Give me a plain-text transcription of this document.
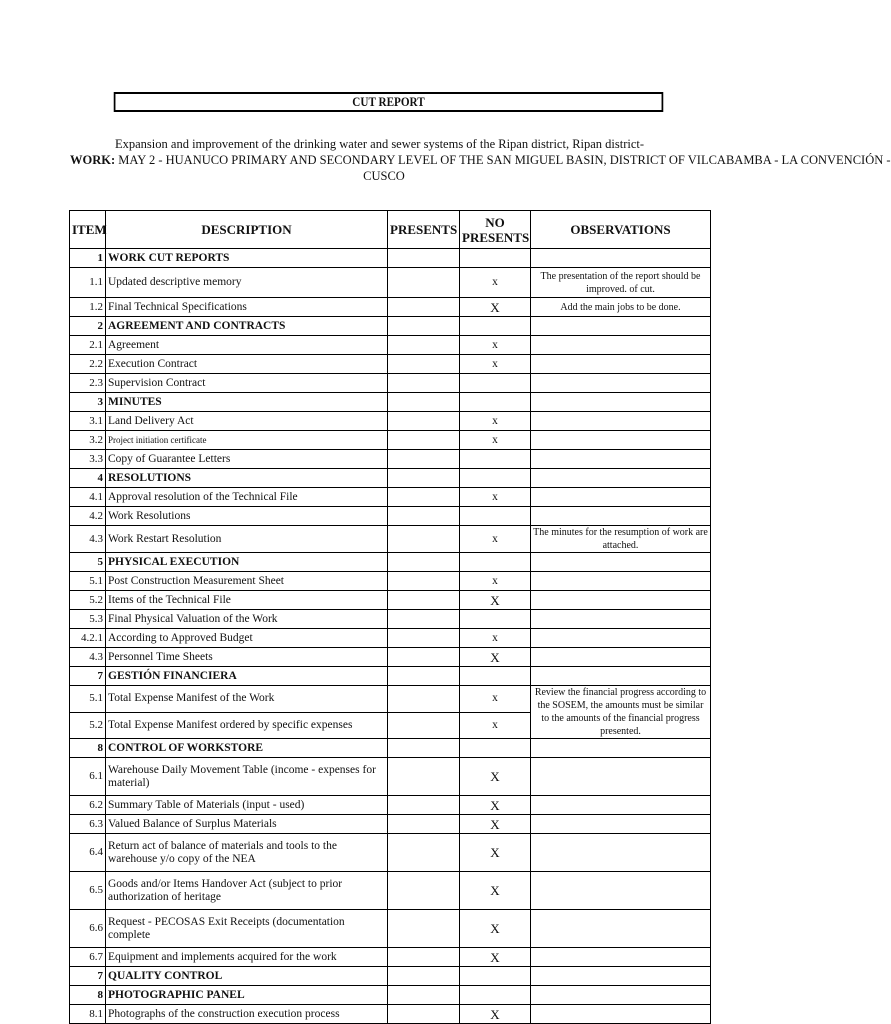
CUT REPORT
Expansion and improvement of the drinking water and sewer systems of the Ripan district, Ripan district-
WORK: MAY 2 - HUANUCO PRIMARY AND SECONDARY LEVEL OF THE SAN MIGUEL BASIN, DISTRICT OF VILCABAMBA - LA CONVENCIÓN -
CUSCO
ITEM	DESCRIPTION	PRESENTS	NO PRESENTS	OBSERVATIONS
1	WORK CUT REPORTS			
1.1	Updated descriptive memory		x	The presentation of the report should be improved. of cut.
1.2	Final Technical Specifications		X	Add the main jobs to be done.
2	AGREEMENT AND CONTRACTS			
2.1	Agreement		x	
2.2	Execution Contract		x	
2.3	Supervision Contract			
3	MINUTES			
3.1	Land Delivery Act		x	
3.2	Project initiation certificate		x	
3.3	Copy of Guarantee Letters			
4	RESOLUTIONS			
4.1	Approval resolution of the Technical File		x	
4.2	Work Resolutions			
4.3	Work Restart Resolution		x	The minutes for the resumption of work are attached.
5	PHYSICAL EXECUTION			
5.1	Post Construction Measurement Sheet		x	
5.2	Items of the Technical File		X	
5.3	Final Physical Valuation of the Work			
4.2.1	According to Approved Budget		x	
4.3	Personnel Time Sheets		X	
7	GESTIÓN FINANCIERA			
5.1	Total Expense Manifest of the Work		x	Review the financial progress according to the SOSEM, the amounts must be similar to the amounts of the financial progress presented.
5.2	Total Expense Manifest ordered by specific expenses		x	
8	CONTROL OF WORKSTORE			
6.1	Warehouse Daily Movement Table (income - expenses for material)		X	
6.2	Summary Table of Materials (input - used)		X	
6.3	Valued Balance of Surplus Materials		X	
6.4	Return act of balance of materials and tools to the warehouse y/o copy of the NEA		X	
6.5	Goods and/or Items Handover Act (subject to prior authorization of heritage		X	
6.6	Request - PECOSAS Exit Receipts (documentation complete		X	
6.7	Equipment and implements acquired for the work		X	
7	QUALITY CONTROL			
8	PHOTOGRAPHIC PANEL			
8.1	Photographs of the construction execution process		X	
